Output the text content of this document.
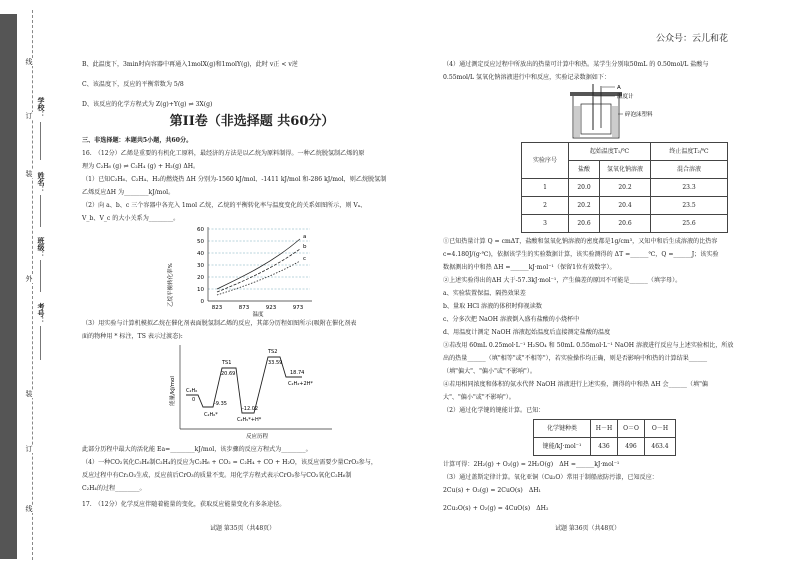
线
订
装
外
装
订
线
学校：
姓名：
班级：
考号：
公众号：云儿和花

B、此温度下，3min时向容器中再通入1molX(g)和1molY(g)，此时 v正 < v逆

C、该温度下，反应的平衡常数为 5/8

D、该反应的化学方程式为 Z(g)+Y(g) ⇌ 3X(g)

第II卷（非选择题 共60分）

三、非选择题：本题共5小题，共60分。

16.　（12分）乙烯是重要的有机化工原料，最经济的方法是以乙烷为原料制得。一种乙烷脱氢制乙烯的原

理为 C₂H₆ (g) ⇌ C₂H₄ (g) + H₂(g) ΔH。

（1）已知C₂H₆、C₂H₄、H₂的燃烧热 ΔH 分别为-1560 kJ/mol、-1411 kJ/mol 和-286 kJ/mol，则乙烷脱氢制

乙烯反应ΔH 为________kJ/mol。

（2）向 a、b、c 三个容器中各充入 1mol 乙烷，乙烷的平衡转化率与温度变化的关系如图所示，则 Vₐ、

V_b、V_c 的大小关系为________。

乙烷平衡转化率%
60
50
40
30
20
10
0
a
b
c
823	873	923	973
温度

（3）用实验与计算机模拟乙烷在催化剂表面脱氢制乙烯的反应，其部分历程如图所示(吸附在催化剂表

面的物种用 * 标注，TS 表示过渡态):

能量/kJ/mol C₂H₆
0
-9.35
C₂H₆*
TS1
20.69
-12.02
C₂H₅*+H*
TS2
33.59
18.74
C₂H₄+2H*
反应历程

此部分历程中最大的活化能 Ea=________kJ/mol，该步骤的反应方程式为________。

（4）一种CO₂氧化C₂H₆制C₂H₄的反应为C₂H₆ + CO₂ = C₂H₄ + CO + H₂O，该反应需要少量CrO₃参与，

反应过程中有Cr₂O₃生成，反应前后CrO₃的质量不变。用化学方程式表示CrO₃参与CO₂氧化C₂H₆制

C₂H₄的过程________。

17.　（12分）化学反应伴随着能量的变化，获取反应能量变化有多条途径。

（4）通过测定反应过程中所放出的热量可计算中和热。某学生分别取50mL 的 0.50mol/L 盐酸与

0.55mol/L 氢氧化钠溶液进行中和反应，实验记录数据如下：

A
温度计
碎泡沫塑料
实验序号	起始温度T₁/℃		终止温度T₂/℃
	盐酸	氢氧化钠溶液	混合溶液
1	20.0	20.2	23.3
2	20.2	20.4	23.5
3	20.6	20.6	25.6

①已知热量计算 Q = cmΔT，盐酸和氢氧化钠溶液的密度都是1g/cm³，又知中和后生成溶液的比热容

c=4.180J/(g·℃)，依据该学生的实验数据计算，该实验测得的 ΔT =______℃，Q =______J；该实验

数据测出的中和热 ΔH =______kJ·mol⁻¹（保留1位有效数字）。

②上述实验得出的ΔH 大于-57.3kJ·mol⁻¹，产生偏差的原因不可能是______（填字母）。

a、实验装置保温、隔热效果差

b、量取 HCl 溶液的体积时仰视读数

c、分多次把 NaOH 溶液倒入盛有盐酸的小烧杯中

d、用温度计测定 NaOH 溶液起始温度后直接测定盐酸的温度

③若改用 60mL 0.25mol·L⁻¹ H₂SO₄ 和 50mL 0.55mol·L⁻¹ NaOH 溶液进行反应与上述实验相比，所放

出的热量______（填"相等"或"不相等"），若实验操作均正确，则是否影响中和热的计算结果______

（填"偏大"、"偏小"或"不影响"）。

④若用相同浓度和体积的氨水代替 NaOH 溶液进行上述实验，测得的中和热 ΔH 会______（填"偏

大"、"偏小"或"不影响"）。

（2）通过化学键的键能计算。已知：

化学键种类	H－H	O＝O	O－H
键能/kJ·mol⁻¹	436	496	463.4

计算可得：2H₂(g) + O₂(g) = 2H₂O(g)　ΔH =______kJ·mol⁻¹

（3）通过盖斯定律计算。氧化亚铜（Cu₂O）常用于制船底防污漆，已知反应：

2Cu(s) + O₂(g) = 2CuO(s)　ΔH₁

2Cu₂O(s) + O₂(g) = 4CuO(s)　ΔH₂

试题 第35页（共48页）	试题 第36页（共48页）
